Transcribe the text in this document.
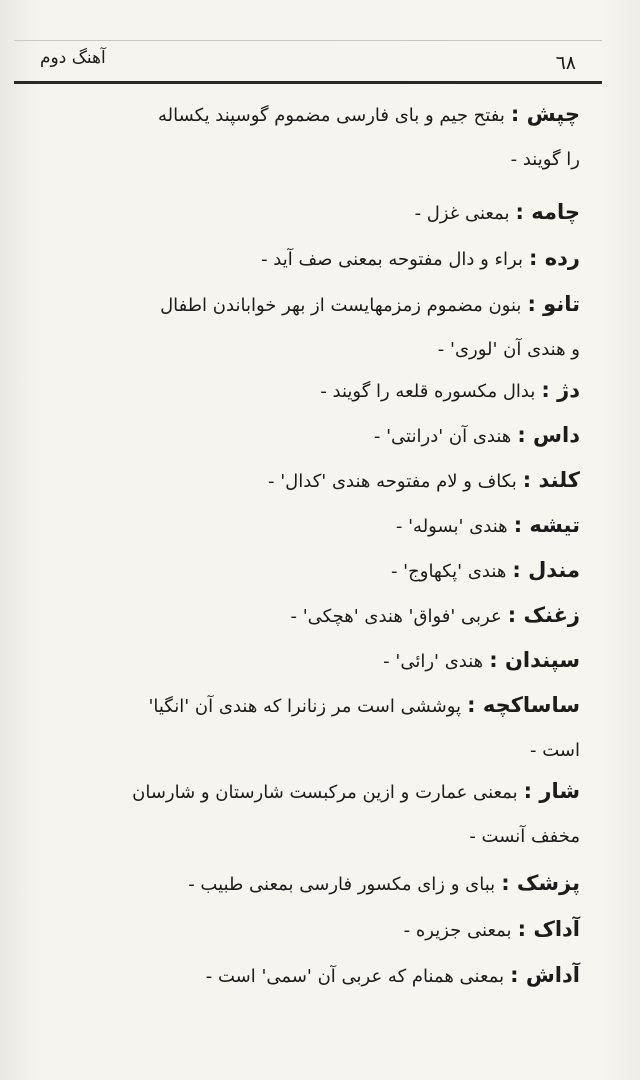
آهنگ دوم	٦٨
چپش : بفتح جیم و بای فارسی مضموم گوسپند یکساله
را گویند -
چامه : بمعنی غزل -
رده : براء و دال مفتوحه بمعنی صف آید -
تانو : بنون مضموم زمزمهایست از بهر خواباندن اطفال
و هندی آن 'لوری' -
دژ : بدال مکسوره قلعه را گویند -
داس : هندی آن 'درانتی' -
کلند : بکاف و لام مفتوحه هندی 'کدال' -
تیشه : هندی 'بسوله' -
مندل : هندی 'پکهاوج' -
زغنک : عربی 'فواق' هندی 'هچکی' -
سپندان : هندی 'رائی' -
ساساکچه : پوششی است مر زنانرا که هندی آن 'انگیا'
است -
شار : بمعنی عمارت و ازین مرکبست شارستان و شارسان
مخفف آنست -
پزشک : ببای و زای مکسور فارسی بمعنی طبیب -
آداک : بمعنی جزیره -
آداش : بمعنی همنام که عربی آن 'سمی' است -
